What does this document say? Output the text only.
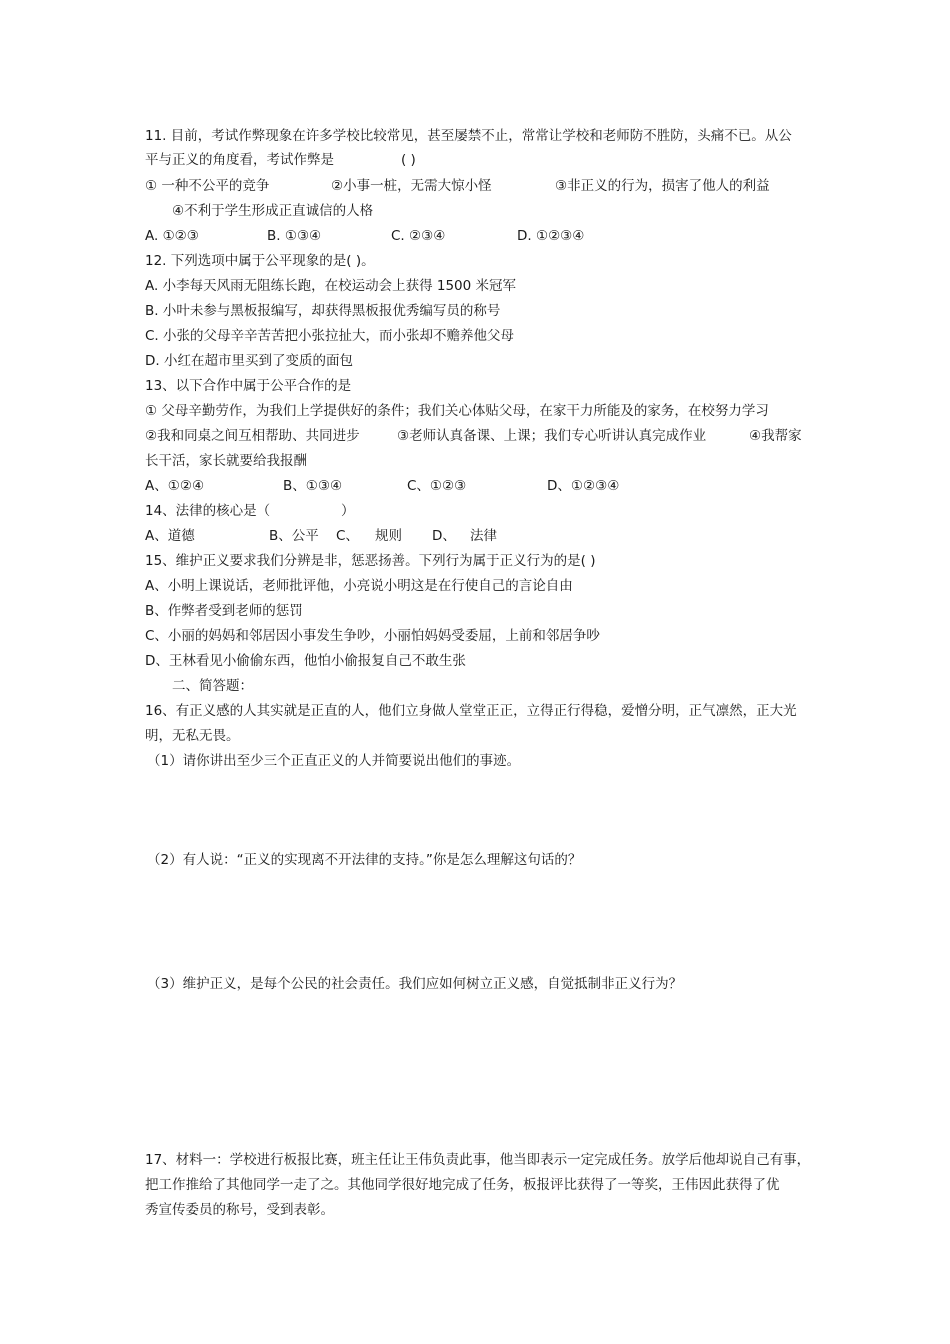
11. 目前，考试作弊现象在许多学校比较常见，甚至屡禁不止，常常让学校和老师防不胜防，头痛不已。从公
平与正义的角度看，考试作弊是	( )
① 一种不公平的竞争	②小事一桩，无需大惊小怪	③非正义的行为，损害了他人的利益
④不利于学生形成正直诚信的人格
A. ①②③	B. ①③④	C. ②③④	D. ①②③④
12. 下列选项中属于公平现象的是( )。
A. 小李每天风雨无阻练长跑，在校运动会上获得 1500 米冠军
B. 小叶未参与黑板报编写，却获得黑板报优秀编写员的称号
C. 小张的父母辛辛苦苦把小张拉扯大，而小张却不赡养他父母
D. 小红在超市里买到了变质的面包
13、以下合作中属于公平合作的是
① 父母辛勤劳作，为我们上学提供好的条件；我们关心体贴父母，在家干力所能及的家务，在校努力学习
②我和同桌之间互相帮助、共同进步	③老师认真备课、上课；我们专心听讲认真完成作业	④我帮家
长干活，家长就要给我报酬
A、①②④	B、①③④	C、①②③	D、①②③④
14、法律的核心是（	）
A、道德	B、公平 C、 规则 D、 法律
15、维护正义要求我们分辨是非，惩恶扬善。下列行为属于正义行为的是( )
A、小明上课说话，老师批评他，小亮说小明这是在行使自己的言论自由
B、作弊者受到老师的惩罚
C、小丽的妈妈和邻居因小事发生争吵，小丽怕妈妈受委屈，上前和邻居争吵
D、王林看见小偷偷东西，他怕小偷报复自己不敢生张
二、简答题：
16、有正义感的人其实就是正直的人，他们立身做人堂堂正正，立得正行得稳，爱憎分明，正气凛然，正大光
明，无私无畏。
（1）请你讲出至少三个正直正义的人并简要说出他们的事迹。
（2）有人说：“正义的实现离不开法律的支持。”你是怎么理解这句话的？
（3）维护正义，是每个公民的社会责任。我们应如何树立正义感，自觉抵制非正义行为？
17、材料一：学校进行板报比赛，班主任让王伟负责此事，他当即表示一定完成任务。放学后他却说自己有事，
把工作推给了其他同学一走了之。其他同学很好地完成了任务，板报评比获得了一等奖，王伟因此获得了优
秀宣传委员的称号，受到表彰。
